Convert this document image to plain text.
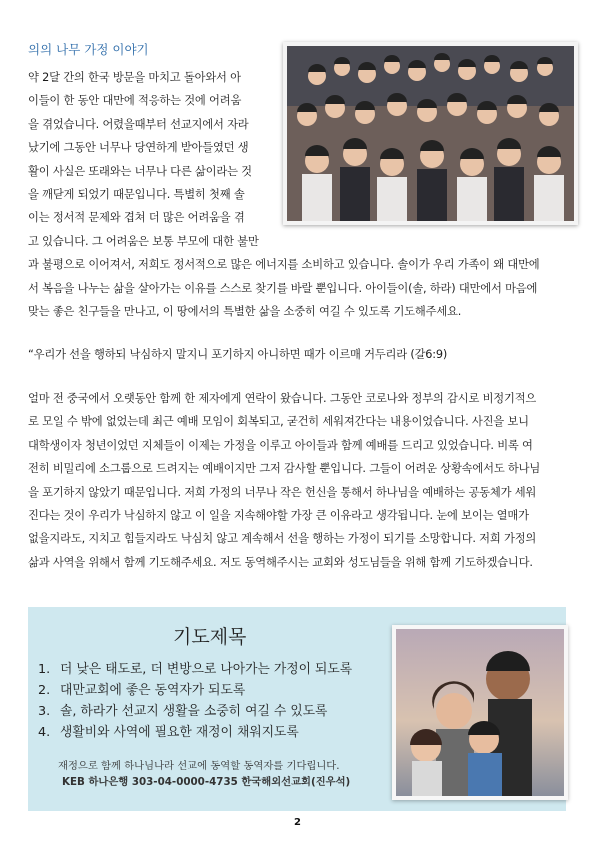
의의 나무 가정 이야기

약 2달 간의 한국 방문을 마치고 돌아와서 아

이들이 한 동안 대만에 적응하는 것에 어려움

을 겪었습니다. 어렸을때부터 선교지에서 자라

났기에 그동안 너무나 당연하게 받아들였던 생

활이 사실은 또래와는 너무나 다른 삶이라는 것

을 깨닫게 되었기 때문입니다. 특별히 첫째 솔

이는 정서적 문제와 겹쳐 더 많은 어려움을 겪

고 있습니다. 그 어려움은 보통 부모에 대한 불만

과 불평으로 이어져서, 저희도 정서적으로 많은 에너지를 소비하고 있습니다. 솔이가 우리 가족이 왜 대만에

서 복음을 나누는 삶을 살아가는 이유를 스스로 찾기를 바랄 뿐입니다. 아이들이(솔, 하라) 대만에서 마음에

맞는 좋은 친구들을 만나고, 이 땅에서의 특별한 삶을 소중히 여길 수 있도록 기도해주세요.

“우리가 선을 행하되 낙심하지 말지니 포기하지 아니하면 때가 이르매 거두리라 (갈6:9)

얼마 전 중국에서 오랫동안 함께 한 제자에게 연락이 왔습니다. 그동안 코로나와 정부의 감시로 비정기적으

로 모일 수 밖에 없었는데 최근 예배 모임이 회복되고, 굳건히 세워져간다는 내용이었습니다. 사진을 보니

대학생이자 청년이었던 지체들이 이제는 가정을 이루고 아이들과 함께 예배를 드리고 있었습니다. 비록 여

전히 비밀리에 소그룹으로 드려지는 예배이지만 그저 감사할 뿐입니다. 그들이 어려운 상황속에서도 하나님

을 포기하지 않았기 때문입니다. 저희 가정의 너무나 작은 헌신을 통해서 하나님을 예배하는 공동체가 세워

진다는 것이 우리가 낙심하지 않고 이 일을 지속해야할 가장 큰 이유라고 생각됩니다. 눈에 보이는 열매가

없을지라도, 지치고 힘들지라도 낙심치 않고 계속해서 선을 행하는 가정이 되기를 소망합니다. 저희 가정의

삶과 사역을 위해서 함께 기도해주세요. 저도 동역해주시는 교회와 성도님들을 위해 함께 기도하겠습니다.

기도제목
1. 더 낮은 태도로, 더 변방으로 나아가는 가정이 되도록
2. 대만교회에 좋은 동역자가 되도록
3. 솔, 하라가 선교지 생활을 소중히 여길 수 있도록
4. 생활비와 사역에 필요한 재정이 채워지도록

재정으로 함께 하나님나라 선교에 동역할 동역자를 기다립니다.

KEB 하나은행 303-04-0000-4735 한국해외선교회(진우석)

2
